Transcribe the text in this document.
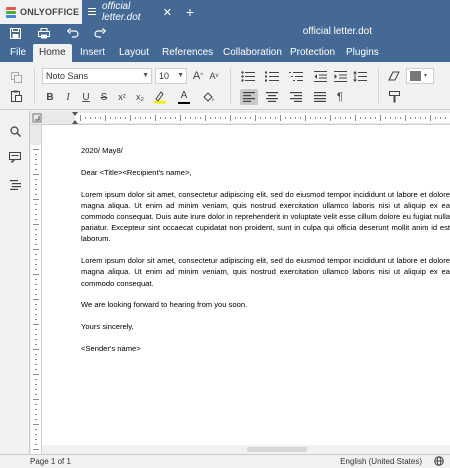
ONLYOFFICE official letter.dot	✕ +
official letter.dot
File	Home	Insert	Layout	References Collaboration Protection	Plugins
Noto Sans	▼	10 ▼ A ^ A v
B	I	U	S	x²	x₂	A	¶

2020/ May8/

Dear <Title><Recipient's name>,

Lorem ipsum dolor sit amet, consectetur adipiscing elit, sed do eiusmod tempor incididunt ut labore et dolore magna aliqua. Ut enim ad minim veniam, quis nostrud exercitation ullamco laboris nisi ut aliquip ex ea commodo consequat. Duis aute irure dolor in reprehenderit in voluptate velit esse cillum dolore eu fugiat nulla pariatur. Excepteur sint occaecat cupidatat non proident, sunt in culpa qui officia deserunt mollit anim id est laborum.

Lorem ipsum dolor sit amet, consectetur adipiscing elit, sed do eiusmod tempor incididunt ut labore et dolore magna aliqua. Ut enim ad minim veniam, quis nostrud exercitation ullamco laboris nisi ut aliquip ex ea commodo consequat.

We are looking forward to hearing from you soon.

Yours sincerely,

<Sender's name>

Page 1 of 1	English (United States)
